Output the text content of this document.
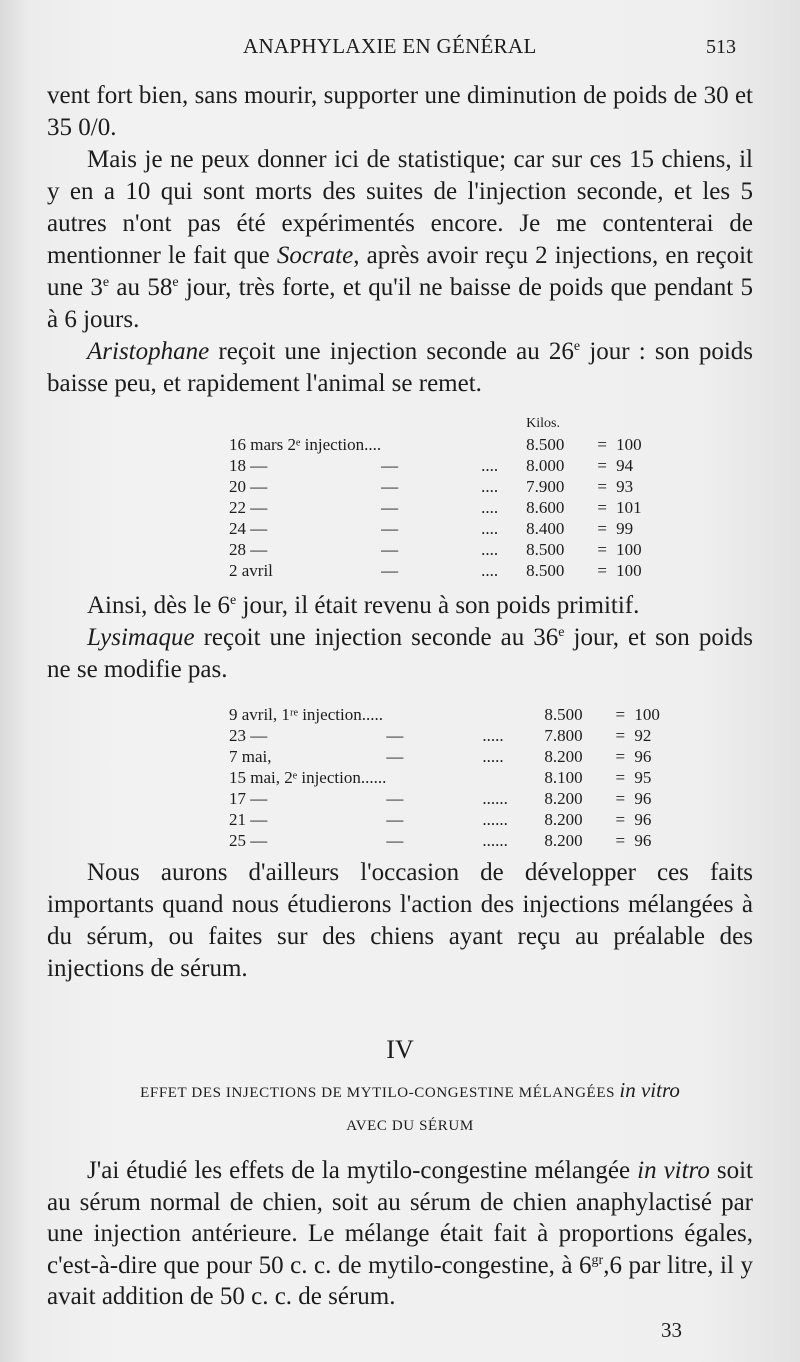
ANAPHYLAXIE EN GÉNÉRAL	513

vent fort bien, sans mourir, supporter une diminution de poids de 30 et 35 0/0.

Mais je ne peux donner ici de statistique; car sur ces 15 chiens, il y en a 10 qui sont morts des suites de l'injection seconde, et les 5 autres n'ont pas été expérimentés encore. Je me contenterai de mentionner le fait que Socrate, après avoir reçu 2 injections, en reçoit une 3e au 58e jour, très forte, et qu'il ne baisse de poids que pendant 5 à 6 jours.

Aristophane reçoit une injection seconde au 26e jour : son poids baisse peu, et rapidement l'animal se remet.

			Kilos.		
16 mars 2ᵉ injection....			8.500	=	100
18 —	—	....	8.000	=	94
20 —	—	....	7.900	=	93
22 —	—	....	8.600	=	101
24 —	—	....	8.400	=	99
28 —	—	....	8.500	=	100
2 avril	—	....	8.500	=	100

Ainsi, dès le 6e jour, il était revenu à son poids primitif.

Lysimaque reçoit une injection seconde au 36e jour, et son poids ne se modifie pas.

9 avril, 1ʳᵉ injection.....			8.500	=	100
23 —	—	.....	7.800	=	92
7 mai,	—	.....	8.200	=	96
15 mai, 2ᵉ injection......			8.100	=	95
17 —	—	......	8.200	=	96
21 —	—	......	8.200	=	96
25 —	—	......	8.200	=	96

Nous aurons d'ailleurs l'occasion de développer ces faits importants quand nous étudierons l'action des injections mélangées à du sérum, ou faites sur des chiens ayant reçu au préalable des injections de sérum.

IV
EFFET DES INJECTIONS DE MYTILO-CONGESTINE MÉLANGÉES in vitro
AVEC DU SÉRUM

J'ai étudié les effets de la mytilo-congestine mélangée in vitro soit au sérum normal de chien, soit au sérum de chien anaphylactisé par une injection antérieure. Le mélange était fait à proportions égales, c'est-à-dire que pour 50 c. c. de mytilo-congestine, à $6^{gr},6$ par litre, il y avait addition de 50 c. c. de sérum.

33
